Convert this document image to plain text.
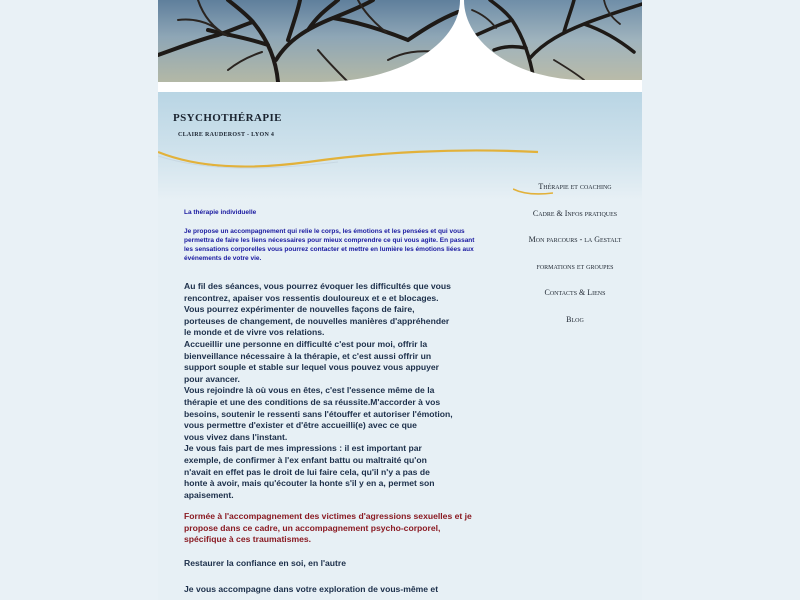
PSYCHOTHÉRAPIE
CLAIRE RAUDEROST - LYON 4
Thérapie et coaching
Cadre & Infos pratiques
Mon parcours - la Gestalt
formations et groupes
Contacts & Liens
Blog

La thérapie individuelle

Je propose un accompagnement qui relie le corps, les émotions et les pensées et qui vous permettra de faire les liens nécessaires pour mieux comprendre ce qui vous agite. En passant les sensations corporelles vous pourrez contacter et mettre en lumière les émotions liées aux événements de votre vie.

Au fil des séances, vous pourrez évoquer les difficultés que vous
rencontrez, apaiser vos ressentis douloureux et e et blocages.
Vous pourrez expérimenter de nouvelles façons de faire,
porteuses de changement, de nouvelles manières d'appréhender
le monde et de vivre vos relations.
Accueillir une personne en difficulté c'est pour moi, offrir la
bienveillance nécessaire à la thérapie, et c'est aussi offrir un
support souple et stable sur lequel vous pouvez vous appuyer
pour avancer.
Vous rejoindre là où vous en êtes, c'est l'essence même de la
thérapie et une des conditions de sa réussite.M'accorder à vos
besoins, soutenir le ressenti sans l'étouffer et autoriser l'émotion,
vous permettre d'exister et d'être accueilli(e) avec ce que
vous vivez dans l'instant.
Je vous fais part de mes impressions : il est important par
exemple, de confirmer à l'ex enfant battu ou maltraité qu'on
n'avait en effet pas le droit de lui faire cela, qu'il n'y a pas de
honte à avoir, mais qu'écouter la honte s'il y en a, permet son
apaisement.

Formée à l'accompagnement des victimes d'agressions sexuelles et je propose dans ce cadre, un accompagnement psycho-corporel, spécifique à ces traumatismes.

Restaurer la confiance en soi, en l'autre

Je vous accompagne dans votre exploration de vous-même et
